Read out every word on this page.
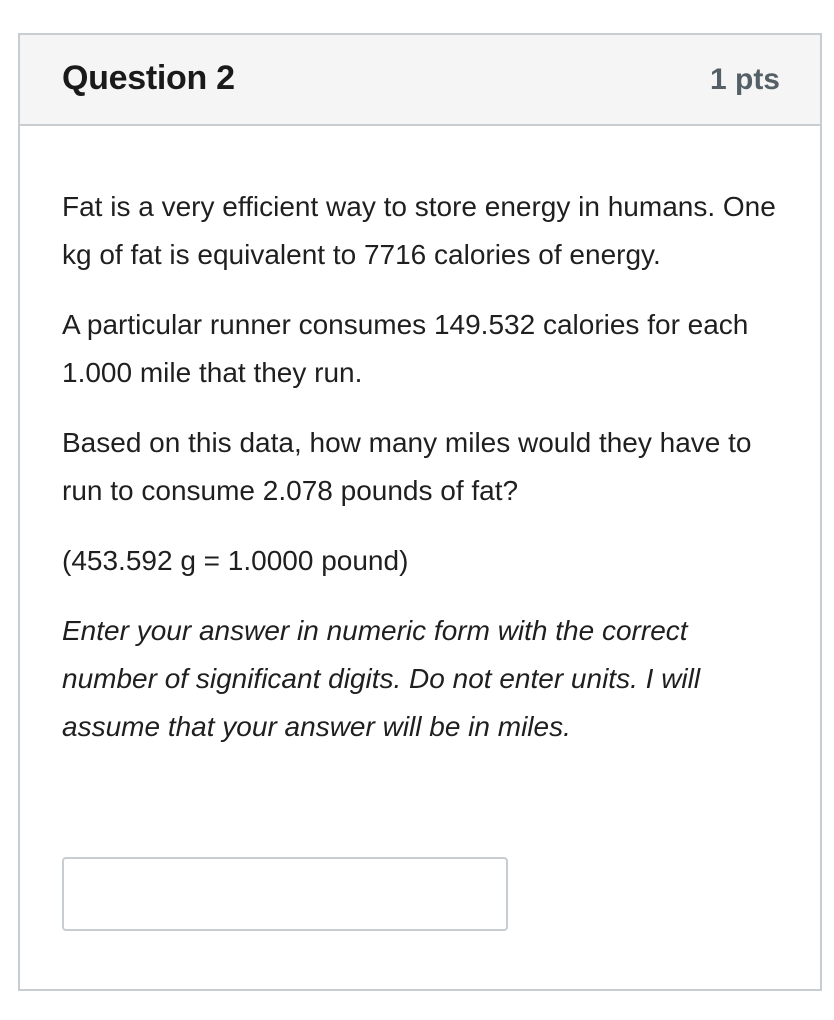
Question 2	1 pts

Fat is a very efficient way to store energy in humans. One kg of fat is equivalent to 7716 calories of energy.

A particular runner consumes 149.532 calories for each 1.000 mile that they run.

Based on this data, how many miles would they have to run to consume 2.078 pounds of fat?

(453.592 g = 1.0000 pound)

Enter your answer in numeric form with the correct number of significant digits. Do not enter units. I will assume that your answer will be in miles.
